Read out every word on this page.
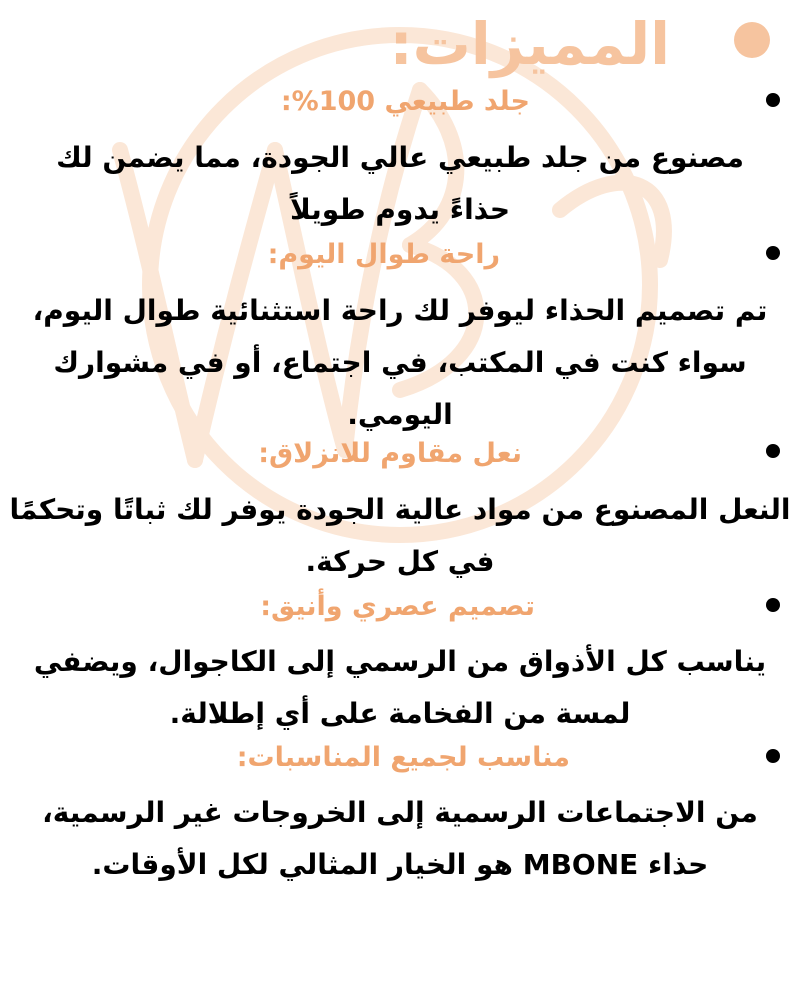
المميزات:
جلد طبيعي 100%:

مصنوع من جلد طبيعي عالي الجودة، مما يضمن لك حذاءً يدوم طويلاً

راحة طوال اليوم:

تم تصميم الحذاء ليوفر لك راحة استثنائية طوال اليوم، سواء كنت في المكتب، في اجتماع، أو في مشوارك اليومي.

نعل مقاوم للانزلاق:

النعل المصنوع من مواد عالية الجودة يوفر لك ثباتًا وتحكمًا في كل حركة.

تصميم عصري وأنيق:

يناسب كل الأذواق من الرسمي إلى الكاجوال، ويضفي لمسة من الفخامة على أي إطلالة.

مناسب لجميع المناسبات:

من الاجتماعات الرسمية إلى الخروجات غير الرسمية، حذاء MBONE هو الخيار المثالي لكل الأوقات.
